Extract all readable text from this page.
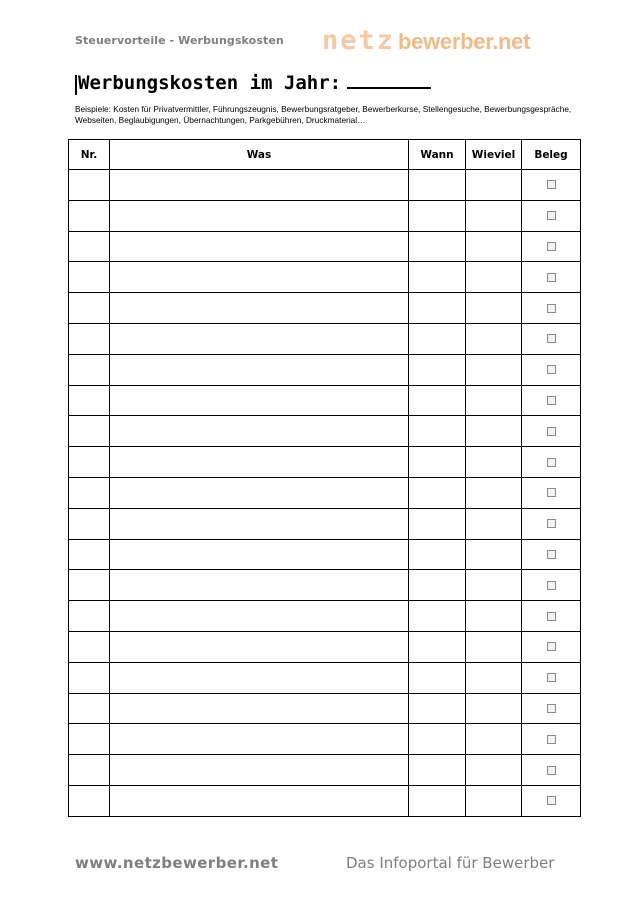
Steuervorteile - Werbungskosten netz bewerber.net
Werbungskosten im Jahr:
Beispiele: Kosten für Privatvermittler, Führungszeugnis, Bewerbungsratgeber, Bewerberkurse, Stellengesuche, Bewerbungsgespräche, Webseiten, Beglaubigungen, Übernachtungen, Parkgebühren, Druckmaterial…
Nr.	Was	Wann	Wieviel	Beleg

www.netzbewerber.net	Das Infoportal für Bewerber
